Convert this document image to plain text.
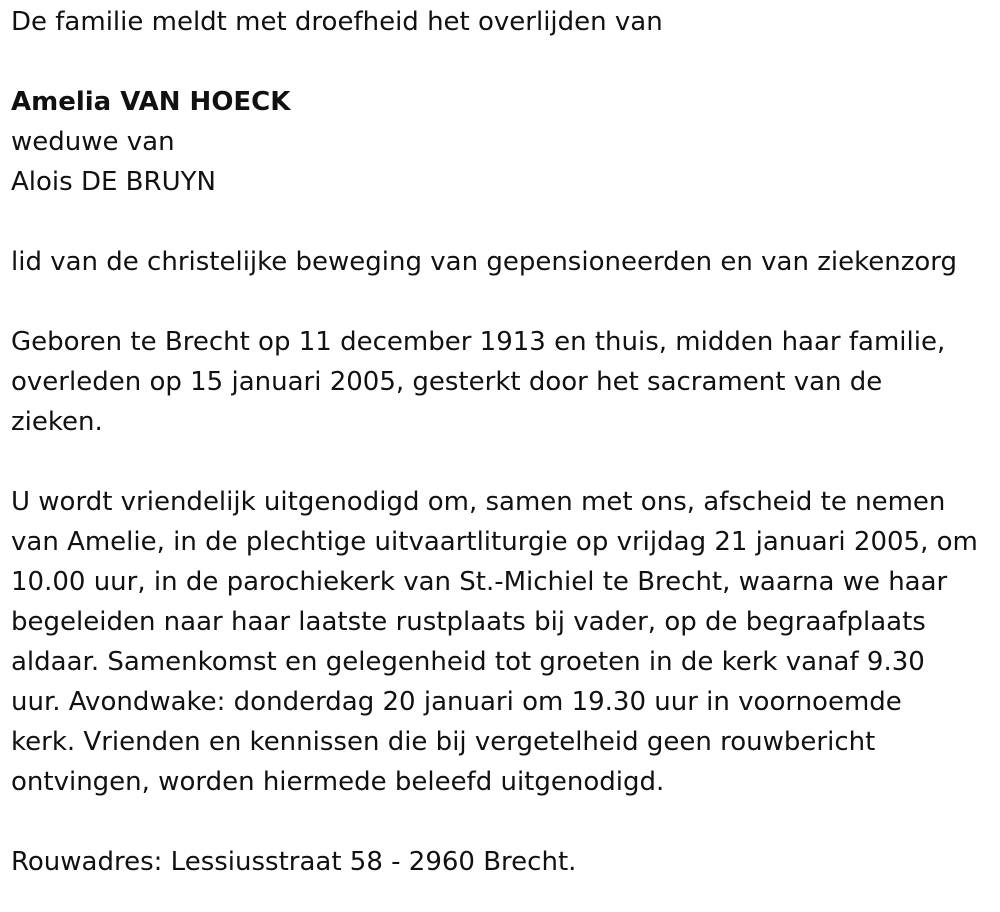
De familie meldt met droefheid het overlijden van
Amelia VAN HOECK
weduwe van
Alois DE BRUYN
lid van de christelijke beweging van gepensioneerden en van ziekenzorg
Geboren te Brecht op 11 december 1913 en thuis, midden haar familie,
overleden op 15 januari 2005, gesterkt door het sacrament van de
zieken.
U wordt vriendelijk uitgenodigd om, samen met ons, afscheid te nemen
van Amelie, in de plechtige uitvaartliturgie op vrijdag 21 januari 2005, om
10.00 uur, in de parochiekerk van St.-Michiel te Brecht, waarna we haar
begeleiden naar haar laatste rustplaats bij vader, op de begraafplaats
aldaar. Samenkomst en gelegenheid tot groeten in de kerk vanaf 9.30
uur. Avondwake: donderdag 20 januari om 19.30 uur in voornoemde
kerk. Vrienden en kennissen die bij vergetelheid geen rouwbericht
ontvingen, worden hiermede beleefd uitgenodigd.
Rouwadres: Lessiusstraat 58 - 2960 Brecht.
